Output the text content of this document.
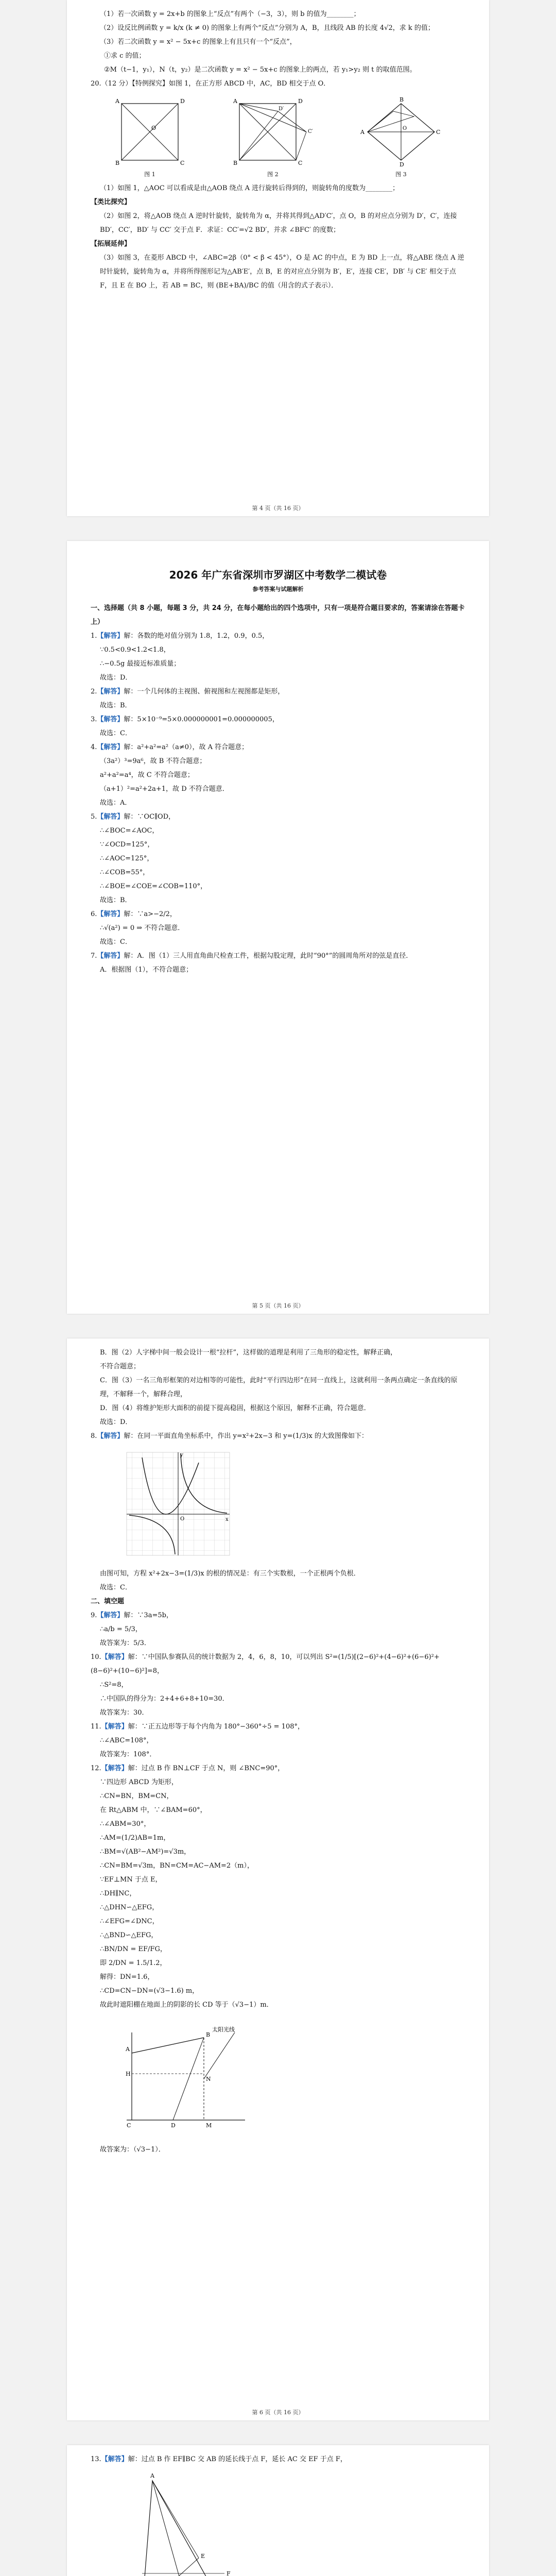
（1）若一次函数 y = 2x+b 的图象上“反点”有两个（−3，3），则 b 的值为________；

（2）设反比例函数 y = k/x (k ≠ 0) 的图象上有两个“反点”分别为 A，B，且线段 AB 的长度 4√2，求 k 的值；

（3）若二次函数 y = x² − 5x+c 的图象上有且只有一个“反点”，

①求 c 的值；

②M（t−1，y₁），N（t，y₂）是二次函数 y = x² − 5x+c 的图象上的两点，若 y₁>y₂ 则 t 的取值范围。

20.（12 分）【特例探究】如图 1，在正方形 ABCD 中，AC，BD 相交于点 O．

A	D
B	C
O
图 1
A	D
B	C
C′
D′
图 2
A
B
C
D
O
图 3

（1）如图 1，△AOC 可以看成是由△AOB 绕点 A 进行旋转后得到的，则旋转角的度数为________；

【类比探究】

（2）如图 2，将△AOB 绕点 A 逆时针旋转，旋转角为 α，并将其得到△AD′C′，点 O，B 的对应点分别为 D′，C′，连接 BD′，CC′，BD′ 与 CC′ 交于点 F．求证：CC′=√2 BD′，并求 ∠BFC′ 的度数；

【拓展延伸】

（3）如图 3，在菱形 ABCD 中，∠ABC=2β（0° < β < 45°），O 是 AC 的中点，E 为 BD 上一点，将△ABE 绕点 A 逆时针旋转，旋转角为 α，并将所得图形记为△AB′E′，点 B，E 的对应点分别为 B′，E′，连接 CE′，DB′ 与 CE′ 相交于点 F，且 E 在 BO 上，若 AB = BC，则 (BE+BA)/BC 的值（用含的式子表示）．

第 4 页（共 16 页）
2026 年广东省深圳市罗湖区中考数学二模试卷
参考答案与试题解析

一、选择题（共 8 小题，每题 3 分，共 24 分，在每小题给出的四个选项中，只有一项是符合题目要求的，答案请涂在答题卡上）

1.【解答】解：各数的绝对值分别为 1.8，1.2，0.9，0.5，

∵0.5<0.9<1.2<1.8，

∴−0.5g 最接近标准质量；

故选：D．

2.【解答】解：一个几何体的主视图、俯视图和左视图都是矩形，

故选：B．

3.【解答】解：5×10⁻⁹=5×0.000000001=0.000000005，

故选：C．

4.【解答】解：a²+a²=a²（a≠0），故 A 符合题意；

（3a²）³=9a⁶，故 B 不符合题意；

a²+a²=a⁴，故 C 不符合题意；

（a+1）²=a²+2a+1，故 D 不符合题意．

故选：A．

5.【解答】解：∵OC∥OD，

∴∠BOC=∠AOC，

∵∠OCD=125°，

∴∠AOC=125°，

∴∠COB=55°，

∴∠BOE=∠COE=∠COB=110°，

故选：B．

6.【解答】解：∵a>−2/2，

∴√(a²) = 0 ⇒ 不符合题意．

故选：C．

7.【解答】解：A．图（1）三人用直角曲尺检查工件，根据勾股定理，此时“90°”的圆周角所对的弦是直径．

A．根据图（1），不符合题意；

第 5 页（共 16 页）

B．图（2）人字梯中间一般会设计一根“拉杆”，这样做的道理是利用了三角形的稳定性，解释正确，

不符合题意；

C．图（3）一名三角形框架的对边相等的可能性，此时“平行四边形”在同一直线上，这就利用一条两点确定一条直线的原理，不解释一个，解释合理，

D．图（4）将维护矩形大面积的前提下提高稳固，根据这个原因，解释不正确，符合题意．

故选：D．

8.【解答】解：在同一平面直角坐标系中，作出 y=x²+2x−3 和 y=(1/3)x 的大致图像如下：

O	x
y

由图可知，方程 x²+2x−3=(1/3)x 的根的情况是：有三个实数根，一个正根两个负根．

故选：C．

二、填空题

9.【解答】解：∵3a=5b，

∴a/b = 5/3，

故答案为：5/3．

10.【解答】解：∵中国队参赛队员的统计数据为 2，4，6，8，10，可以列出 S²=(1/5)[(2−6)²+(4−6)²+(6−6)²+(8−6)²+(10−6)²]=8，

∴S²=8，

∴中国队的得分为：2+4+6+8+10=30．

故答案为：30．

11.【解答】解：∵正五边形等于每个内角为 180°−360°÷5 = 108°，

∴∠ABC=108°，

故答案为：108°．

12.【解答】解：过点 B 作 BN⊥CF 于点 N，则 ∠BNC=90°，

∵四边形 ABCD 为矩形，

∴CN=BN，BM=CN，

在 Rt△ABM 中，∵∠BAM=60°，

∴∠ABM=30°，

∴AM=(1/2)AB=1m，

∴BM=√(AB²−AM²)=√3m，

∴CN=BM=√3m，BN=CM=AC−AM=2（m），

∵EF⊥MN 于点 E，

∴DH∥NC，

∴△DHN∽△EFG，

∴∠EFG=∠DNC，

∴△BND∽△EFG，

∴BN/DN = EF/FG，

即 2/DN = 1.5/1.2，

解得：DN=1.6，

∴CD=CN−DN=(√3−1.6) m，

故此时遮阳棚在地面上的阴影的长 CD 等于（√3−1）m．

A
B
C	D	M
H
N
太阳光线

故答案为：（√3−1）．

第 6 页（共 16 页）

13.【解答】解：过点 B 作 EF∥BC 交 AB 的延长线于点 F，延长 AC 交 EF 于点 F，

A
E
F
